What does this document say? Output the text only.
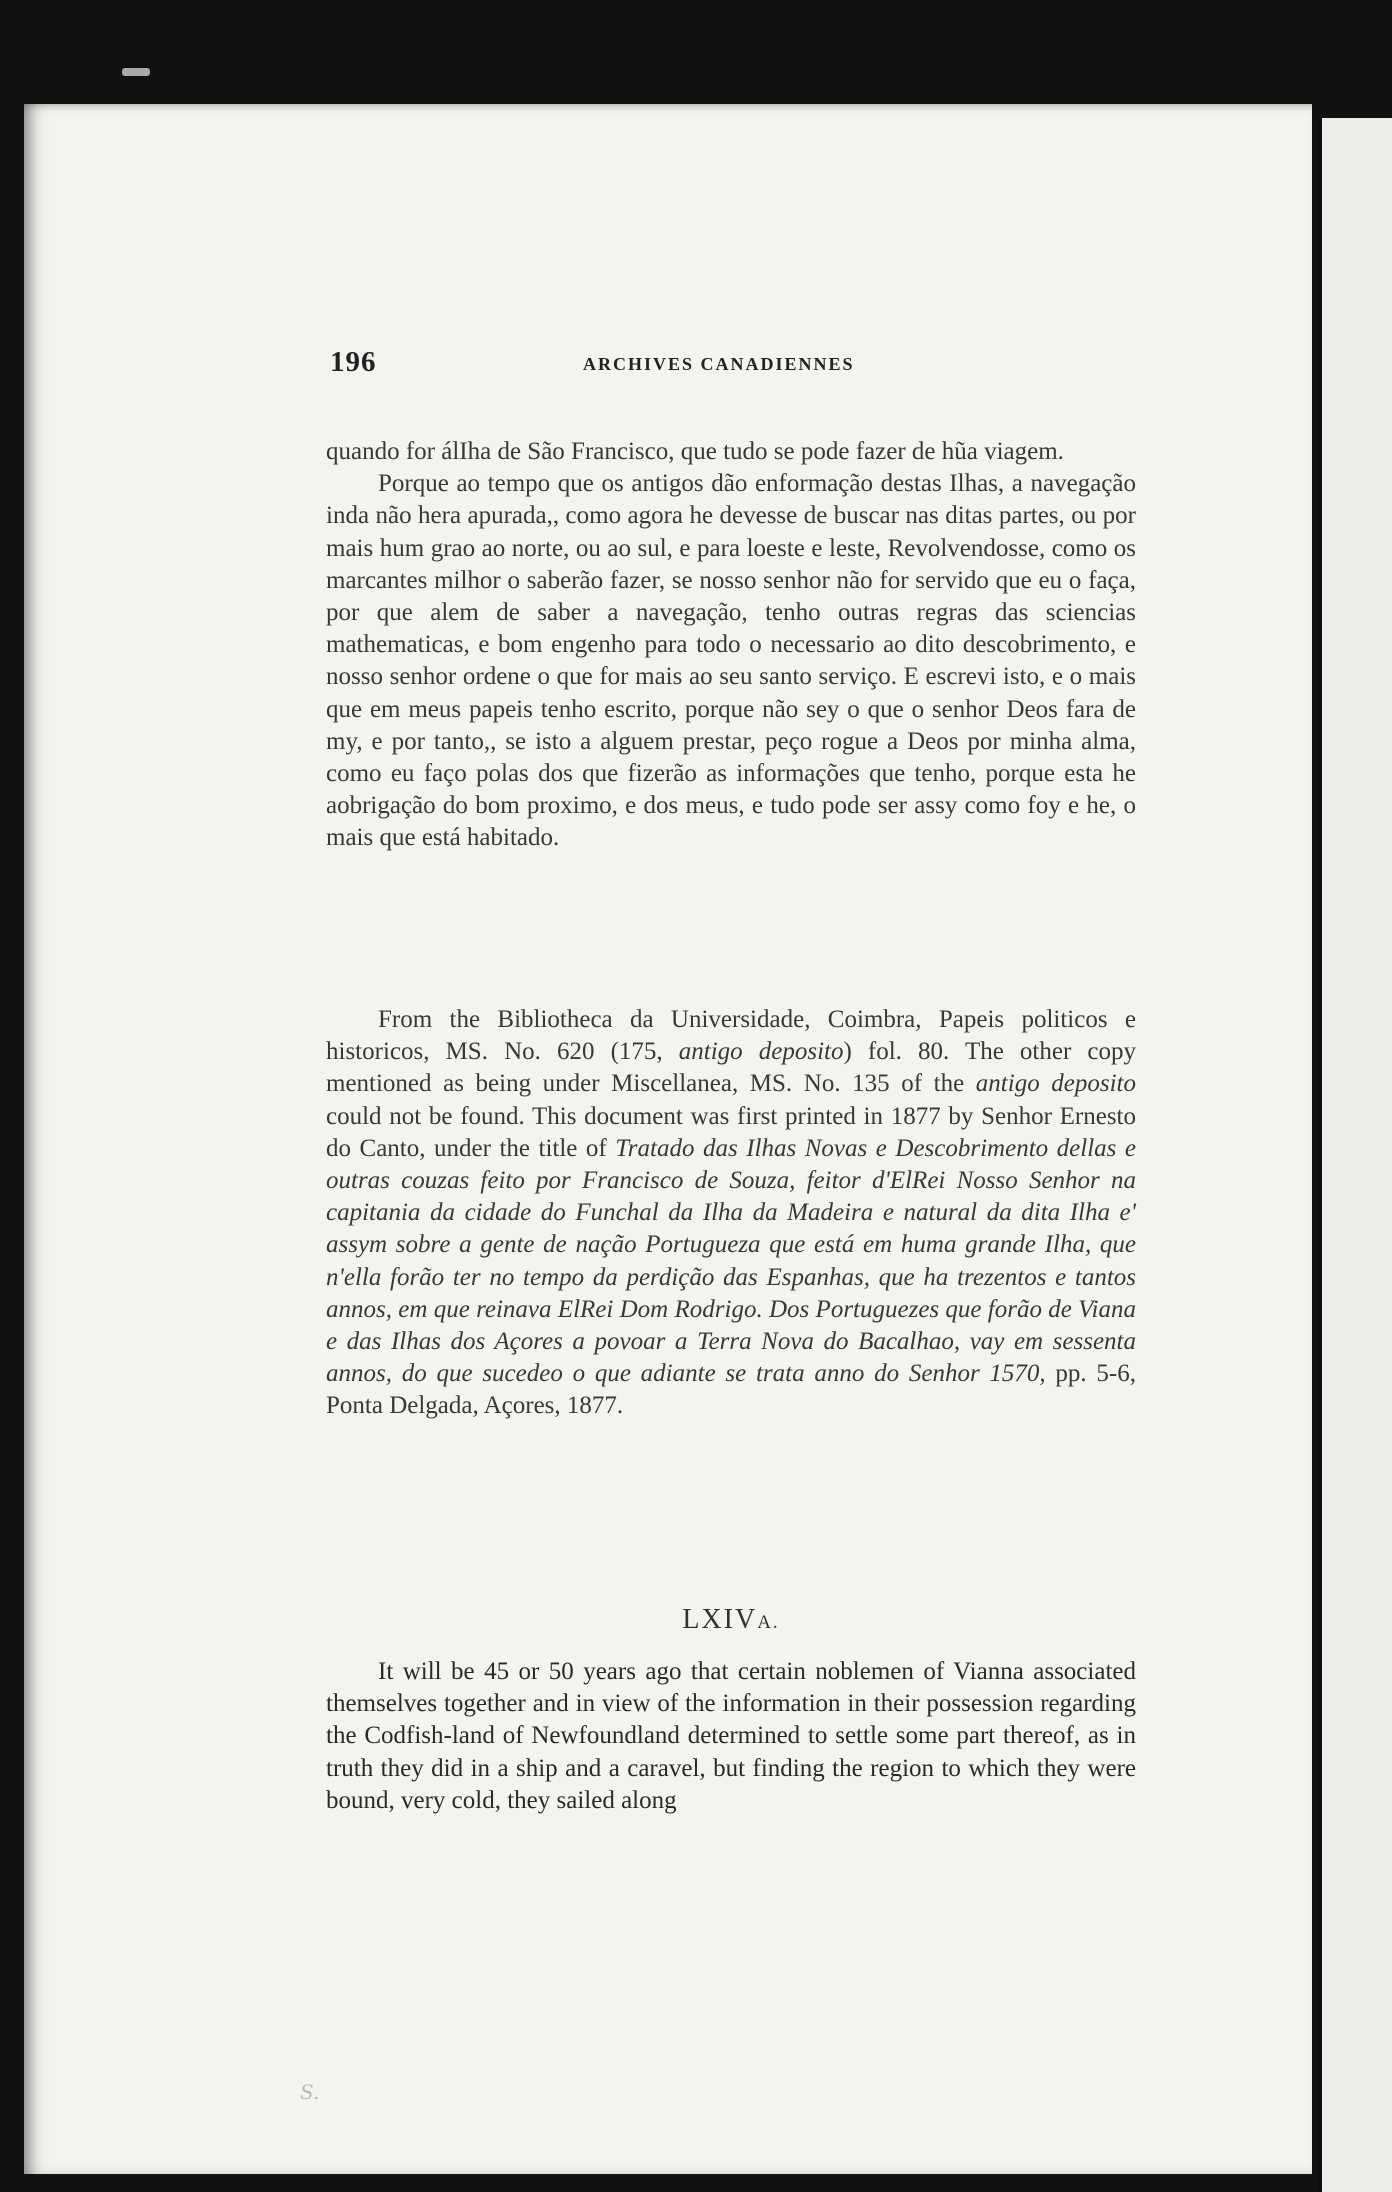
196	ARCHIVES CANADIENNES

quando for álIha de São Francisco, que tudo se pode fazer de hũa viagem.

Porque ao tempo que os antigos dão enformação destas Ilhas, a navegação inda não hera apurada,, como agora he devesse de buscar nas ditas partes, ou por mais hum grao ao norte, ou ao sul, e para loeste e leste, Revolvendosse, como os marcantes milhor o saberão fazer, se nosso senhor não for servido que eu o faça, por que alem de saber a navegação, tenho outras regras das sciencias mathematicas, e bom engenho para todo o necessario ao dito descobrimento, e nosso senhor ordene o que for mais ao seu santo serviço. E escrevi isto, e o mais que em meus papeis tenho escrito, porque não sey o que o senhor Deos fara de my, e por tanto,, se isto a alguem prestar, peço rogue a Deos por minha alma, como eu faço polas dos que fizerão as informações que tenho, porque esta he aobrigação do bom proximo, e dos meus, e tudo pode ser assy como foy e he, o mais que está habitado.

From the Bibliotheca da Universidade, Coimbra, Papeis politicos e historicos, MS. No. 620 (175, antigo deposito) fol. 80. The other copy mentioned as being under Miscellanea, MS. No. 135 of the antigo deposito could not be found. This document was first printed in 1877 by Senhor Ernesto do Canto, under the title of Tratado das Ilhas Novas e Descobrimento dellas e outras couzas feito por Francisco de Souza, feitor d'ElRei Nosso Senhor na capitania da cidade do Funchal da Ilha da Madeira e natural da dita Ilha e' assym sobre a gente de nação Portugueza que está em huma grande Ilha, que n'ella forão ter no tempo da perdição das Espanhas, que ha trezentos e tantos annos, em que reinava ElRei Dom Rodrigo. Dos Portuguezes que forão de Viana e das Ilhas dos Açores a povoar a Terra Nova do Bacalhao, vay em sessenta annos, do que sucedeo o que adiante se trata anno do Senhor 1570, pp. 5-6, Ponta Delgada, Açores, 1877.

LXIVA.

It will be 45 or 50 years ago that certain noblemen of Vianna associated themselves together and in view of the information in their possession regarding the Codfish-land of Newfoundland determined to settle some part thereof, as in truth they did in a ship and a caravel, but finding the region to which they were bound, very cold, they sailed along

S.
